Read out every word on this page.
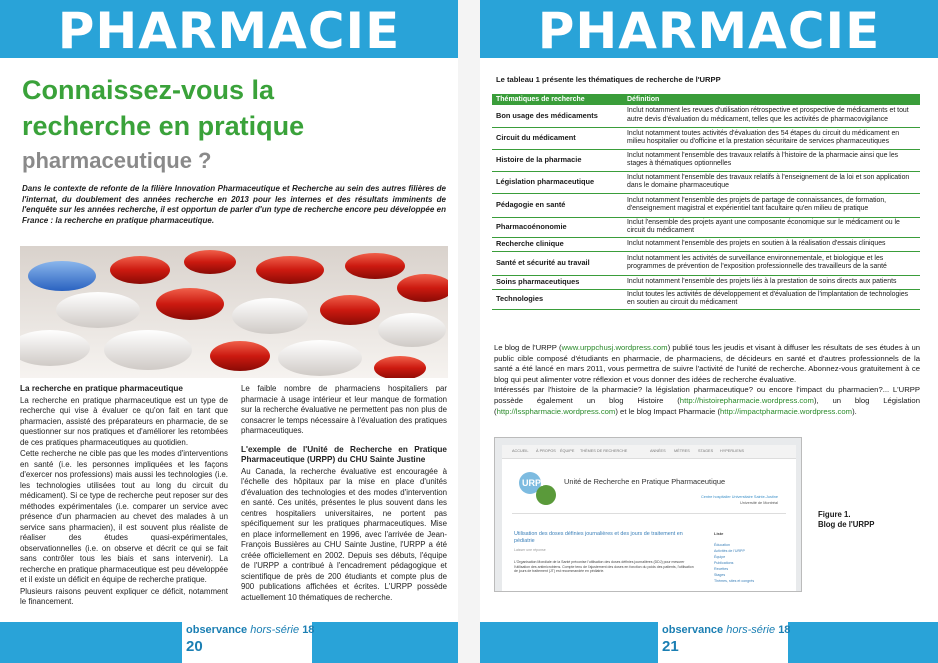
PHARMACIE
Connaissez-vous la
recherche en pratique
pharmaceutique ?
Dans le contexte de refonte de la filière Innovation Pharmaceutique et Recherche au sein des autres filières de l'internat, du doublement des années recherche en 2013 pour les internes et des résultats imminents de l'enquête sur les années recherche, il est opportun de parler d'un type de recherche encore peu développée en France : la recherche en pratique pharmaceutique.
La recherche en pratique pharmaceutique

La recherche en pratique pharmaceutique est un type de recherche qui vise à évaluer ce qu'on fait en tant que pharmacien, assisté des préparateurs en pharmacie, de se questionner sur nos pratiques et d'améliorer les retombées de ces pratiques pharmaceutiques au quotidien.

Cette recherche ne cible pas que les modes d'interventions en santé (i.e. les personnes impliquées et les façons d'exercer nos professions) mais aussi les technologies (i.e. les technologies utilisées tout au long du circuit du médicament). Si ce type de recherche peut reposer sur des méthodes expérimentales (i.e. comparer un service avec présence d'un pharmacien au chevet des malades à un service sans pharmacien), il est souvent plus réaliste de réaliser des études quasi-expérimentales, observationnelles (i.e. on observe et décrit ce qui se fait sans contrôler tous les biais et sans intervenir). La recherche en pratique pharmaceutique est peu développée et il existe un déficit en équipe de recherche pratique.

Plusieurs raisons peuvent expliquer ce déficit, notamment le financement.

Le faible nombre de pharmaciens hospitaliers par pharmacie à usage intérieur et leur manque de formation sur la recherche évaluative ne permettent pas non plus de consacrer le temps nécessaire à l'évaluation des pratiques pharmaceutiques.

L'exemple de l'Unité de Recherche en Pratique Pharmaceutique (URPP) du CHU Sainte Justine

Au Canada, la recherche évaluative est encouragée à l'échelle des hôpitaux par la mise en place d'unités d'évaluation des technologies et des modes d'intervention en santé. Ces unités, présentes le plus souvent dans les centres hospitaliers universitaires, ne portent pas spécifiquement sur les pratiques pharmaceutiques. Mise en place informellement en 1996, avec l'arrivée de Jean-François Bussières au CHU Sainte Justine, l'URPP a été créée officiellement en 2002. Depuis ses débuts, l'équipe de l'URPP a contribué à l'encadrement pédagogique et scientifique de près de 200 étudiants et compte plus de 900 publications affichées et écrites. L'URPP possède actuellement 10 thématiques de recherche.

observance hors-série 18
20
PHARMACIE
observance hors-série 18
21
Le tableau 1 présente les thématiques de recherche de l'URPP
Thématiques de recherche	Définition
Bon usage des médicaments	Inclut notamment les revues d'utilisation rétrospective et prospective de médicaments et tout autre devis d'évaluation du médicament, telles que les activités de pharmacovigilance
Circuit du médicament	Inclut notamment toutes activités d'évaluation des 54 étapes du circuit du médicament en milieu hospitalier ou d'officine et la prestation sécuritaire de services pharmaceutiques
Histoire de la pharmacie	Inclut notamment l'ensemble des travaux relatifs à l'histoire de la pharmacie ainsi que les stages à thématiques optionnelles
Législation pharmaceutique	Inclut notamment l'ensemble des travaux relatifs à l'enseignement de la loi et son application dans le domaine pharmaceutique
Pédagogie en santé	Inclut notamment l'ensemble des projets de partage de connaissances, de formation, d'enseignement magistral et expérientiel tant facultaire qu'en milieu de pratique
Pharmacoénonomie	Inclut l'ensemble des projets ayant une composante économique sur le médicament ou le circuit du médicament
Recherche clinique	Inclut notamment l'ensemble des projets en soutien à la réalisation d'essais cliniques
Santé et sécurité au travail	Inclut notamment les activités de surveillance environnementale, et biologique et les programmes de prévention de l'exposition professionnelle des travailleurs de la santé
Soins pharmaceutiques	Inclut notamment l'ensemble des projets liés à la prestation de soins directs aux patients
Technologies	Inclut toutes les activités de développement et d'évaluation de l'implantation de technologies en soutien au circuit du médicament

Le blog de l'URPP (www.urppchusj.wordpress.com) publié tous les jeudis et visant à diffuser les résultats de ses études à un public cible composé d'étudiants en pharmacie, de pharmaciens, de décideurs en santé et d'autres professionnels de la santé a été lancé en mars 2011, vous permettra de suivre l'activité de l'unité de recherche. Abonnez-vous gratuitement à ce blog qui peut alimenter votre réflexion et vous donner des idées de recherche évaluative.

Intéressés par l'histoire de la pharmacie? la législation pharmaceutique? ou encore l'impact du pharmacien?... L'URPP possède également un blog Histoire (http://histoirepharmacie.wordpress.com), un blog Législation (http://lsspharmacie.wordpress.com) et le blog Impact Pharmacie (http://impactpharmacie.wordpress.com).

ACCUEIL À PROPOS ÉQUIPE THÈMES DE RECHERCHE	ANNÉES MÉTRES STAGES HYPERLIENS
URPP Unité de Recherche en Pratique Pharmaceutique
Centre hospitalier Universitaire Sainte-Justine
Université de Montréal
Utilisation des doses définies journalières et des jours de traitement en pédiatrie
Laisser une réponse
L'Organisation Mondiale de la Santé préconise l'utilisation des doses définies journalières (DDJ) pour mesurer l'utilisation des antimicrobiens. Compte tenu de l'ajustement des doses en fonction du poids des patients, l'utilisation de jours de traitement (JT) est recommandée en pédiatrie.
Liste
Éducation
Activités de l'URPP
Équipe
Publications
Recettes
Stages
Thèmes, sites et congrès
Figure 1.
Blog de l'URPP
